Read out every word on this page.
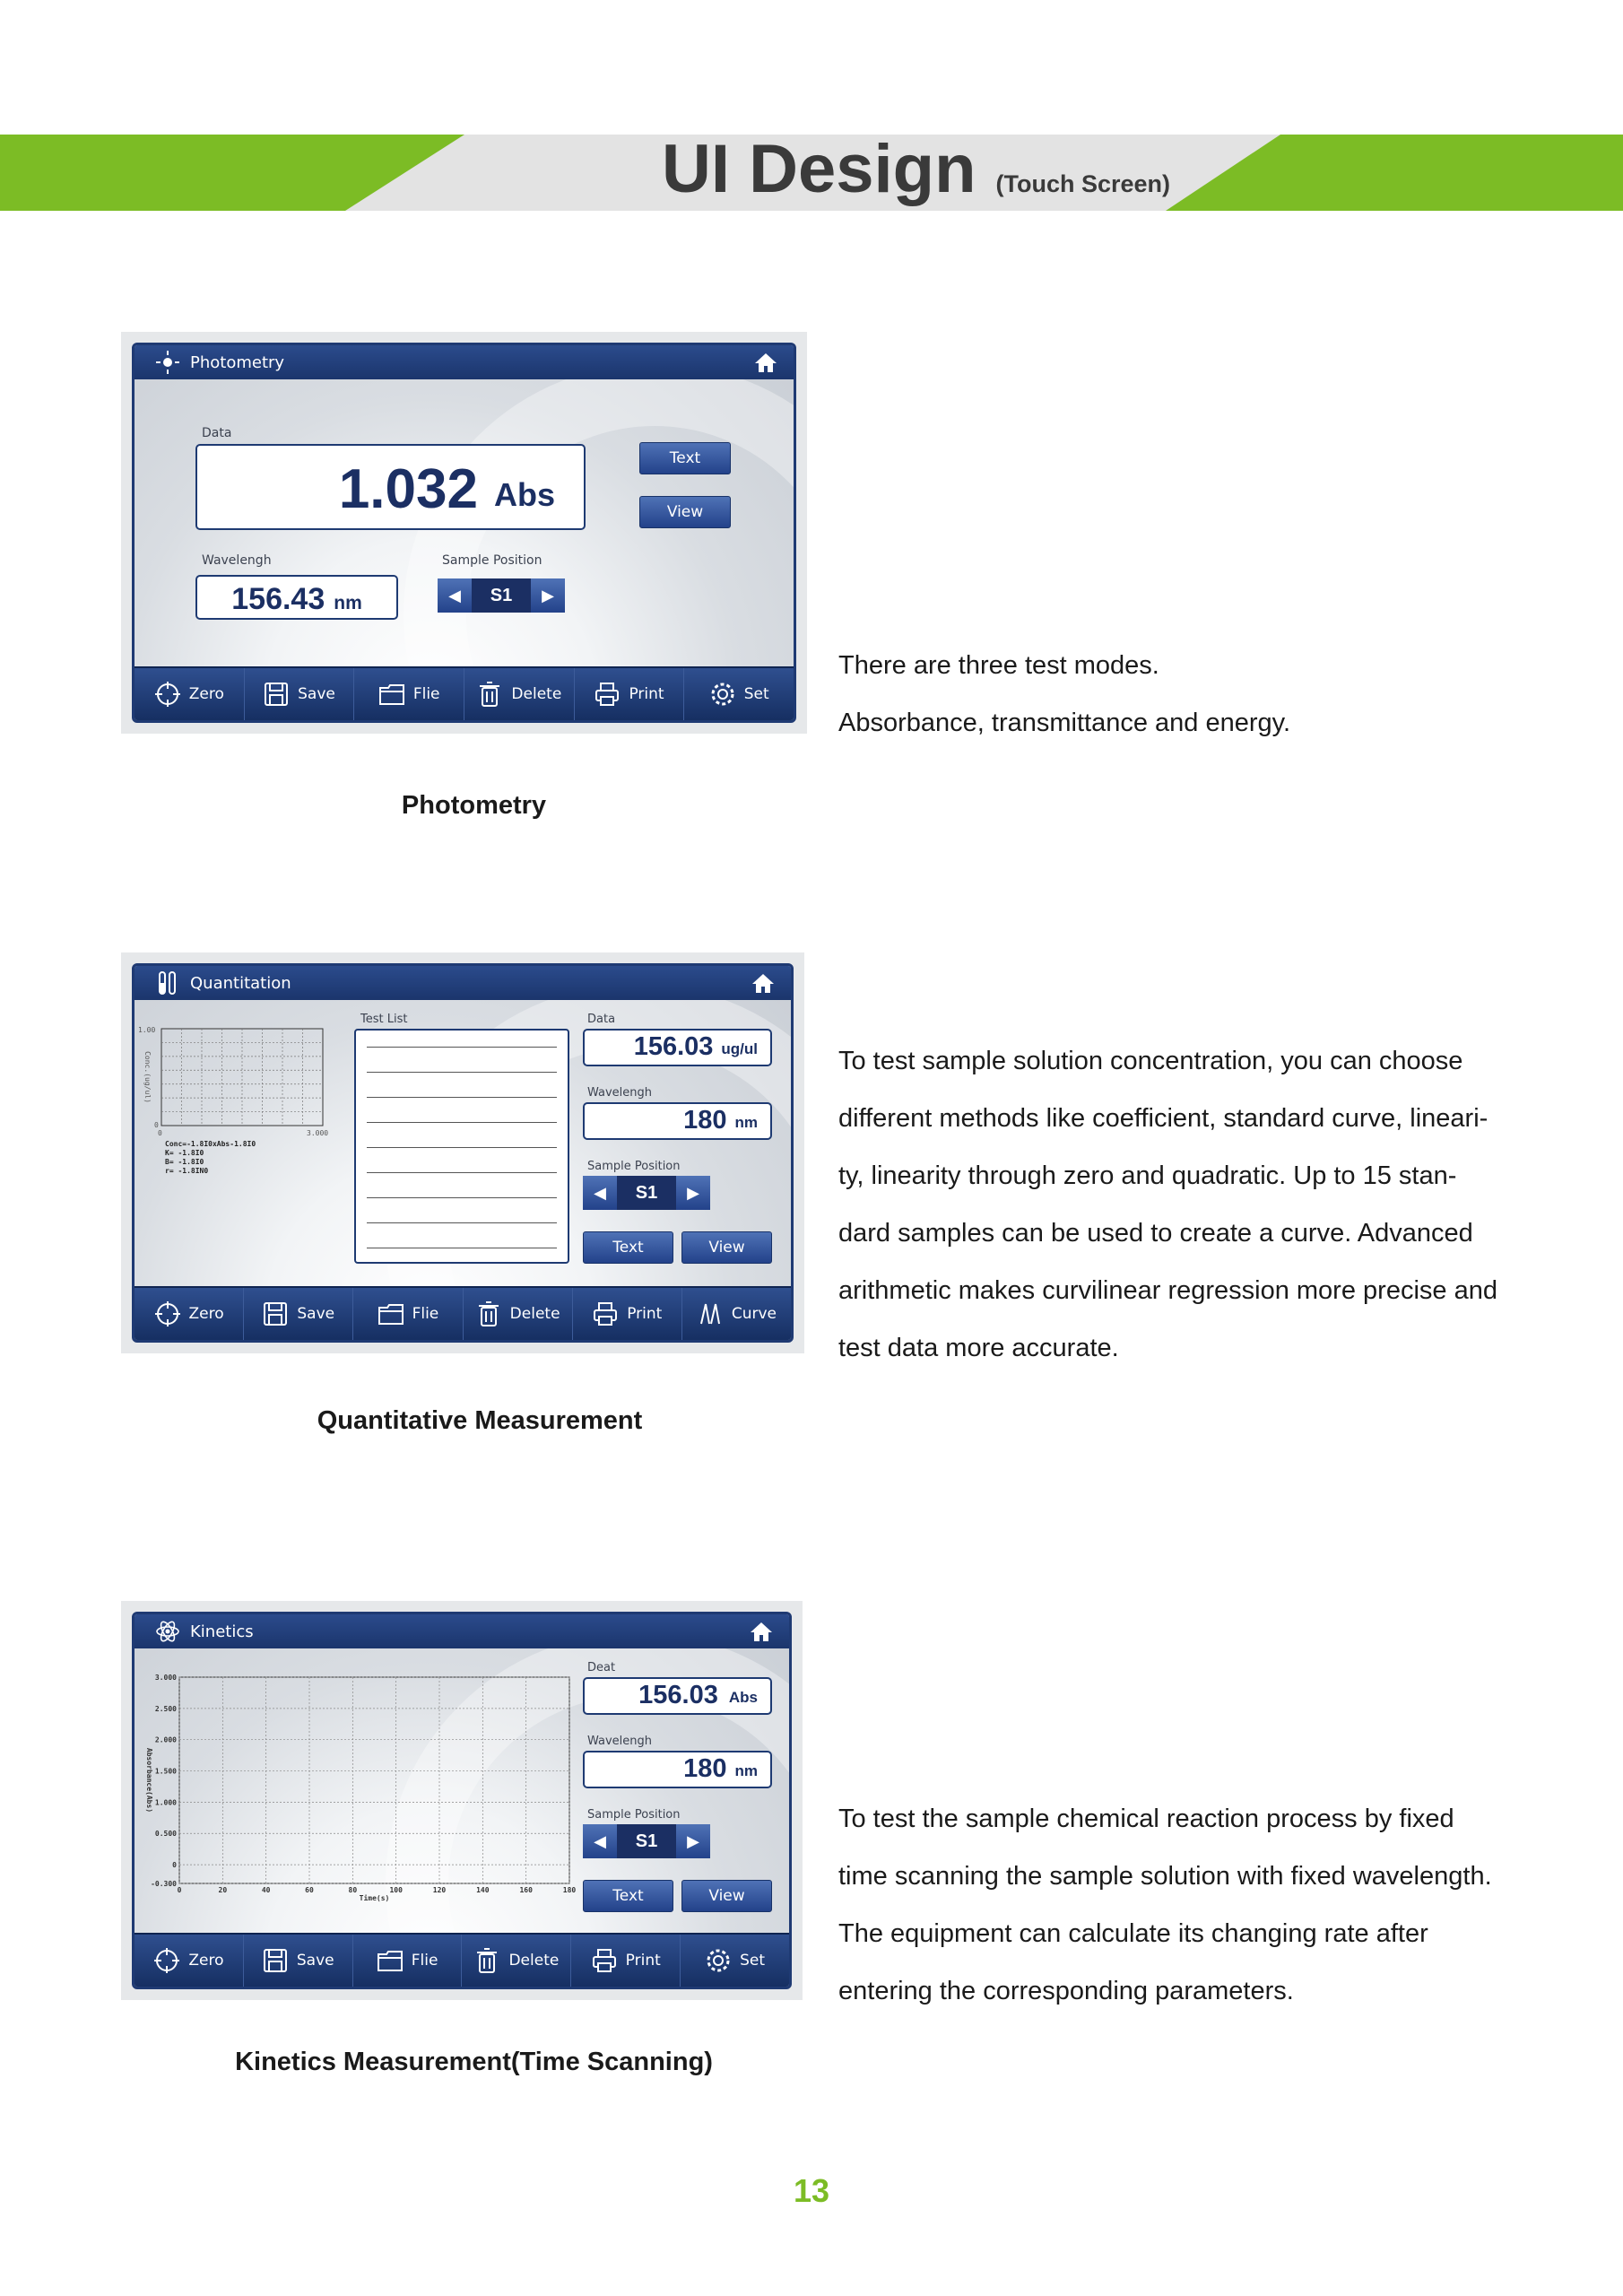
UI Design (Touch Screen)
Photometry
Data
1.032 Abs
Text
View
Wavelengh
156.43 nm
Sample Position
◀	S1	▶
Zero	Save	Flie	Delete	Print	Set
Photometry
There are three test modes.
Absorbance, transmittance and energy.
Quantitation
1.00
0
0	3.000
Conc.(ug/ul)
Conc=-1.8I0xAbs-1.8I0
K= -1.8I0
B= -1.8I0
r= -1.8IN0
Test List	Data
156.03 ug/ul
Wavelengh
180 nm
Sample Position
◀	S1	▶
Text	View
Zero	Save	Flie	Delete	Print	Curve
Quantitative Measurement
To test sample solution concentration, you can choose
different methods like coefficient, standard curve, lineari-
ty, linearity through zero and quadratic. Up to 15 stan-
dard samples can be used to create a curve. Advanced
arithmetic makes curvilinear regression more precise and
test data more accurate.
Kinetics
0	20	40	60	80	100	120	140	160	180
-0.300
0
0.500
1.000
1.500
2.000
2.500
3.000
Time(s)
Absorbance(Abs)
Deat
156.03 Abs
Wavelengh
180 nm
Sample Position
◀	S1	▶
Text	View
Zero	Save	Flie	Delete	Print	Set
Kinetics Measurement(Time Scanning)
To test the sample chemical reaction process by fixed
time scanning the sample solution with fixed wavelength.
The equipment can calculate its changing rate after
entering the corresponding parameters.
13
